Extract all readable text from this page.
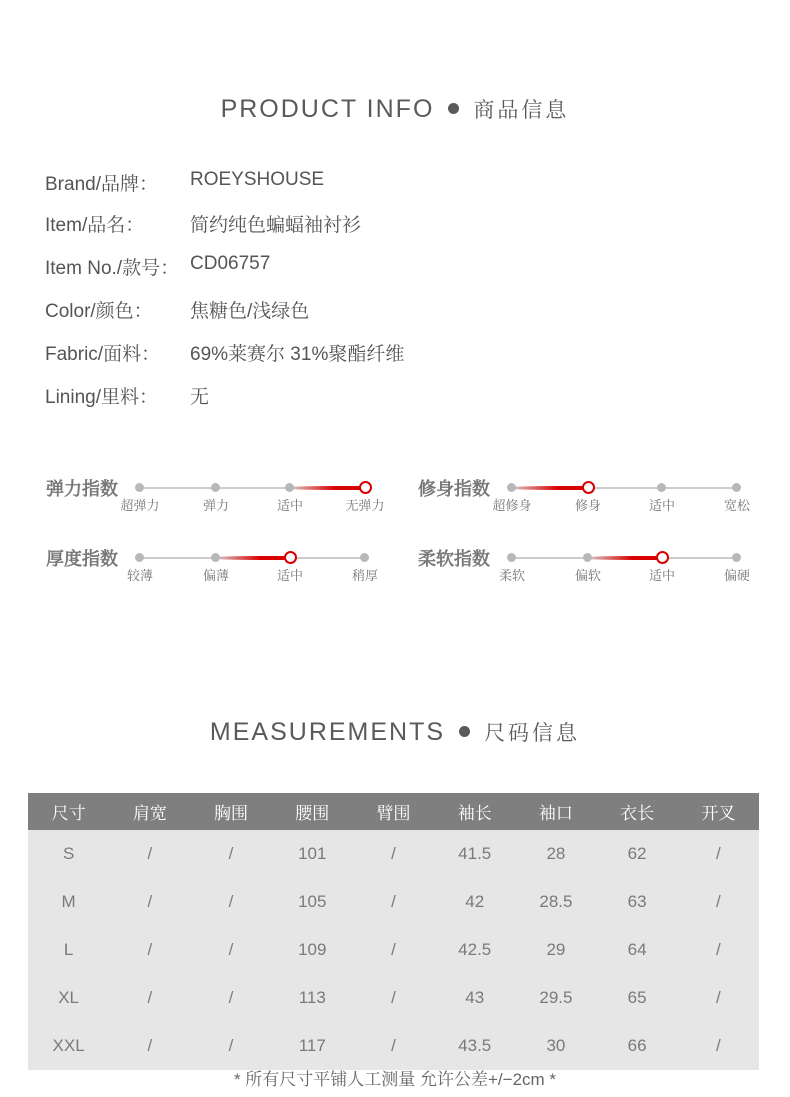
PRODUCT INFO 商品信息
Brand/品牌： ROEYSHOUSE
Item/品名： 简约纯色蝙蝠袖衬衫
Item No./款号： CD06757
Color/颜色： 焦糖色/浅绿色
Fabric/面料： 69%莱赛尔 31%聚酯纤维
Lining/里料： 无
弹力指数
超弹力	弹力	适中	无弹力
修身指数
超修身	修身	适中	宽松
厚度指数
较薄	偏薄	适中	稍厚
柔软指数
柔软	偏软	适中	偏硬
MEASUREMENTS 尺码信息
尺寸	肩宽	胸围	腰围	臂围	袖长	袖口	衣长	开叉
S	/	/	101	/	41.5	28	62	/
M	/	/	105	/	42	28.5	63	/
L	/	/	109	/	42.5	29	64	/
XL	/	/	113	/	43	29.5	65	/
XXL	/	/	117	/	43.5	30	66	/
* 所有尺寸平铺人工测量 允许公差+/−2cm *
